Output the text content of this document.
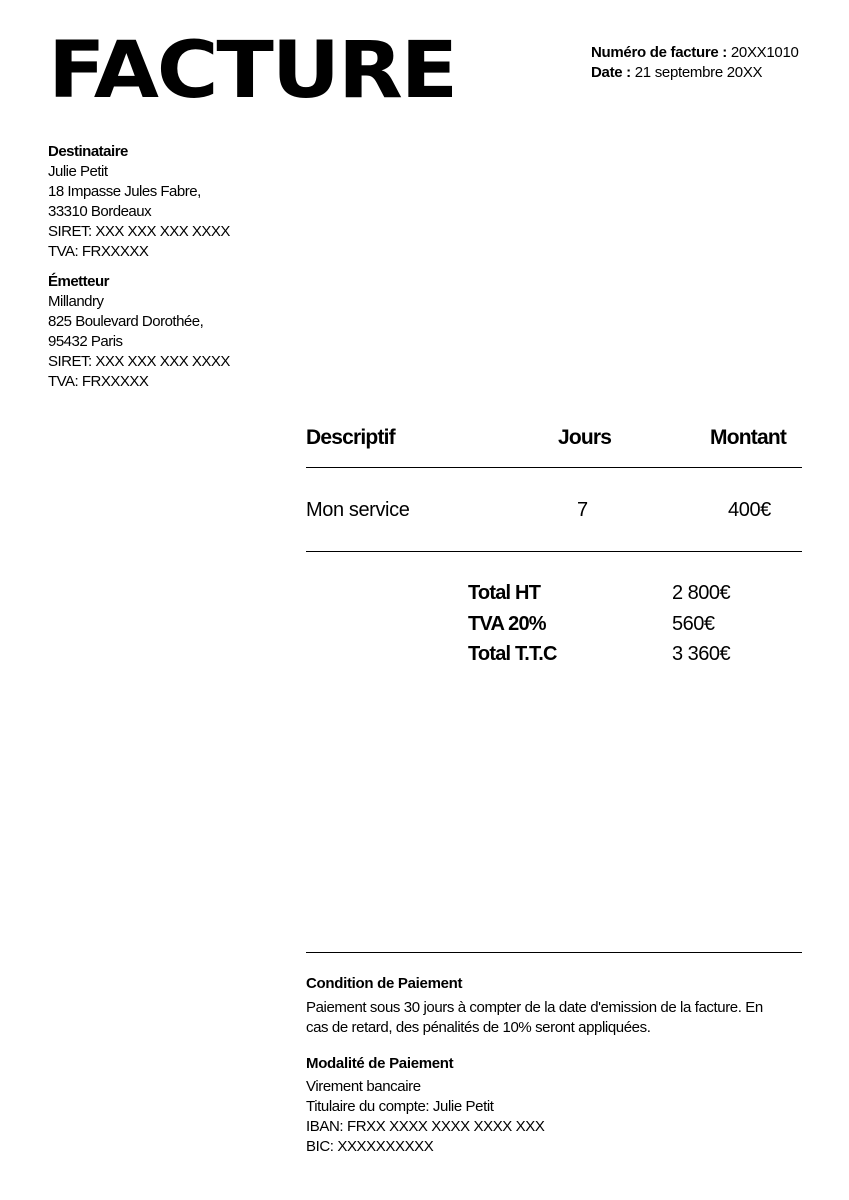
FACTURE	Numéro de facture : 20XX1010
Date : 21 septembre 20XX
Destinataire
Julie Petit
18 Impasse Jules Fabre,
33310 Bordeaux
SIRET: XXX XXX XXX XXXX
TVA: FRXXXXX
Émetteur
Millandry
825 Boulevard Dorothée,
95432 Paris
SIRET: XXX XXX XXX XXXX
TVA: FRXXXXX
Descriptif	Jours	Montant
Mon service	7	400€
Total HT	2 800€
TVA 20%	560€
Total T.T.C	3 360€
Condition de Paiement
Paiement sous 30 jours à compter de la date d'emission de la facture. En cas de retard, des pénalités de 10% seront appliquées.
Modalité de Paiement
Virement bancaire
Titulaire du compte: Julie Petit
IBAN: FRXX XXXX XXXX XXXX XXX
BIC: XXXXXXXXXX
